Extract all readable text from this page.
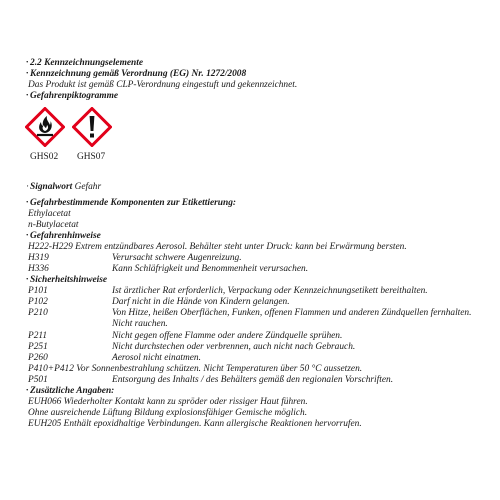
· 2.2 Kennzeichnungselemente
· Kennzeichnung gemäß Verordnung (EG) Nr. 1272/2008
Das Produkt ist gemäß CLP-Verordnung eingestuft und gekennzeichnet.
· Gefahrenpiktogramme
GHS02 GHS07
·Signalwort Gefahr
· Gefahrbestimmende Komponenten zur Etikettierung:
Ethylacetat
n-Butylacetat
· Gefahrenhinweise
H222-H229 Extrem entzündbares Aerosol. Behälter steht unter Druck: kann bei Erwärmung bersten.
H319	Verursacht schwere Augenreizung.
H336	Kann Schläfrigkeit und Benommenheit verursachen.
· Sicherheitshinweise
P101	Ist ärztlicher Rat erforderlich, Verpackung oder Kennzeichnungsetikett bereithalten.
P102	Darf nicht in die Hände von Kindern gelangen.
P210	Von Hitze, heißen Oberflächen, Funken, offenen Flammen und anderen Zündquellen fernhalten.
Nicht rauchen.
P211	Nicht gegen offene Flamme oder andere Zündquelle sprühen.
P251	Nicht durchstechen oder verbrennen, auch nicht nach Gebrauch.
P260	Aerosol nicht einatmen.
P410+P412 Vor Sonnenbestrahlung schützen. Nicht Temperaturen über 50 °C aussetzen.
P501	Entsorgung des Inhalts / des Behälters gemäß den regionalen Vorschriften.
· Zusätzliche Angaben:
EUH066 Wiederholter Kontakt kann zu spröder oder rissiger Haut führen.
Ohne ausreichende Lüftung Bildung explosionsfähiger Gemische möglich.
EUH205 Enthält epoxidhaltige Verbindungen. Kann allergische Reaktionen hervorrufen.
